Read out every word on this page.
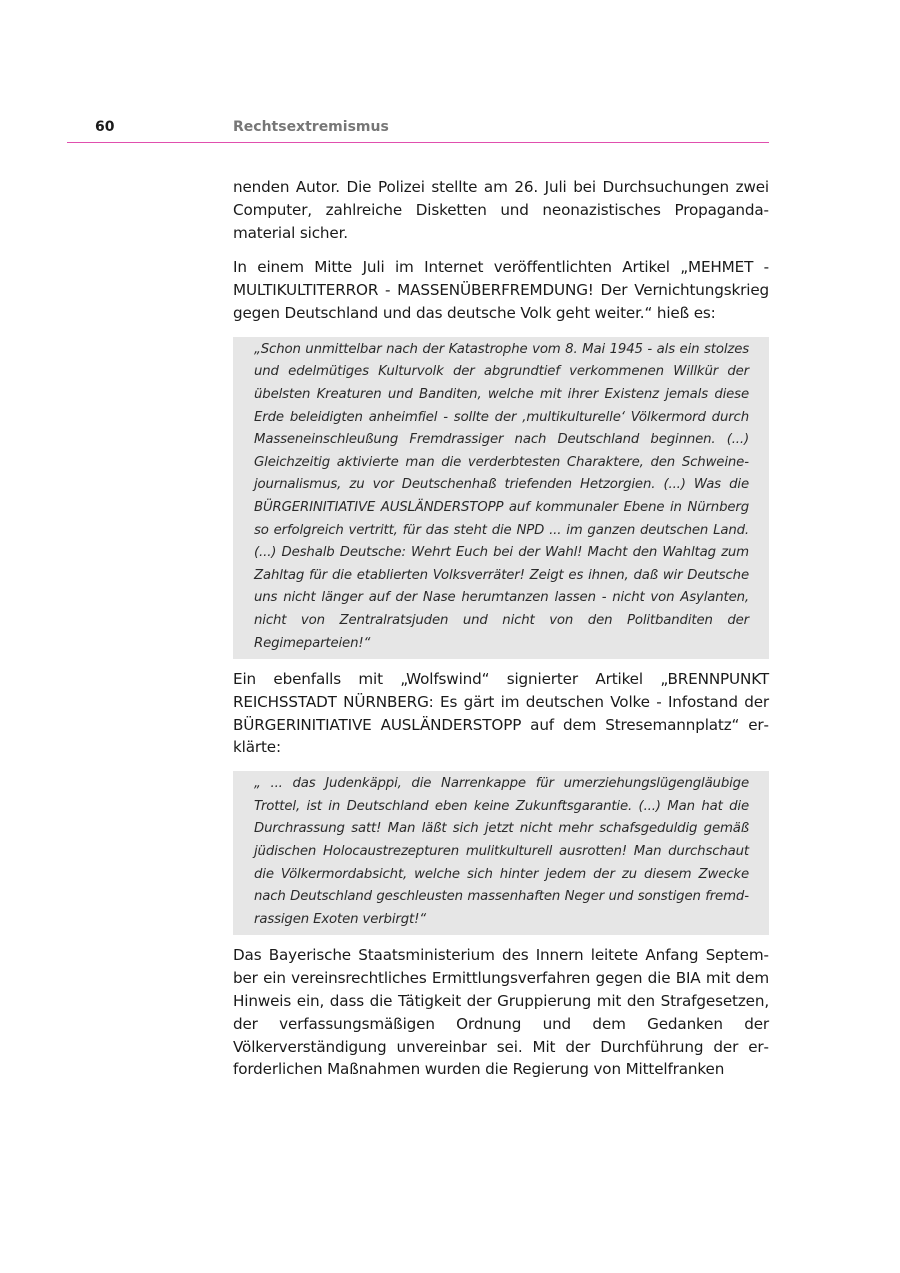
60	Rechtsextremismus

nenden Autor. Die Polizei stellte am 26. Juli bei Durchsuchungen zwei Computer, zahlreiche Disketten und neonazistisches Propagandamaterial sicher.

In einem Mitte Juli im Internet veröffentlichten Artikel „MEHMET - MULTIKULTITERROR - MASSENÜBERFREMDUNG! Der Vernichtungskrieg gegen Deutschland und das deutsche Volk geht weiter.“ hieß es:

„Schon unmittelbar nach der Katastrophe vom 8. Mai 1945 - als ein stolzes und edelmütiges Kulturvolk der abgrundtief verkommenen Willkür der übelsten Kreaturen und Banditen, welche mit ihrer Existenz jemals diese Erde beleidigten anheimfiel - sollte der ‚multikulturelle‘ Völkermord durch Masseneinschleußung Fremdrassiger nach Deutschland beginnen. (...) Gleichzeitig aktivierte man die verderbtesten Charaktere, den Schweinejournalismus, zu vor Deutschenhaß triefenden Hetzorgien. (...) Was die BÜRGERINITIATIVE AUSLÄNDERSTOPP auf kommunaler Ebene in Nürnberg so erfolgreich vertritt, für das steht die NPD ... im ganzen deutschen Land. (...) Deshalb Deutsche: Wehrt Euch bei der Wahl! Macht den Wahltag zum Zahltag für die etablierten Volksverräter! Zeigt es ihnen, daß wir Deutsche uns nicht länger auf der Nase herumtanzen lassen - nicht von Asylanten, nicht von Zentralratsjuden und nicht von den Politbanditen der Regimeparteien!“

Ein ebenfalls mit „Wolfswind“ signierter Artikel „BRENNPUNKT REICHSSTADT NÜRNBERG: Es gärt im deutschen Volke - Infostand der BÜRGERINITIATIVE AUSLÄNDERSTOPP auf dem Stresemannplatz“ erklärte:

„ ... das Judenkäppi, die Narrenkappe für umerziehungslügengläubige Trottel, ist in Deutschland eben keine Zukunftsgarantie. (...) Man hat die Durchrassung satt! Man läßt sich jetzt nicht mehr schafsgeduldig gemäß jüdischen Holocaustrezepturen mulitkulturell ausrotten! Man durchschaut die Völkermordabsicht, welche sich hinter jedem der zu diesem Zwecke nach Deutschland geschleusten massenhaften Neger und sonstigen fremdrassigen Exoten verbirgt!“

Das Bayerische Staatsministerium des Innern leitete Anfang September ein vereinsrechtliches Ermittlungsverfahren gegen die BIA mit dem Hinweis ein, dass die Tätigkeit der Gruppierung mit den Strafgesetzen, der verfassungsmäßigen Ordnung und dem Gedanken der Völkerverständigung unvereinbar sei. Mit der Durchführung der erforderlichen Maßnahmen wurden die Regierung von Mittelfranken
